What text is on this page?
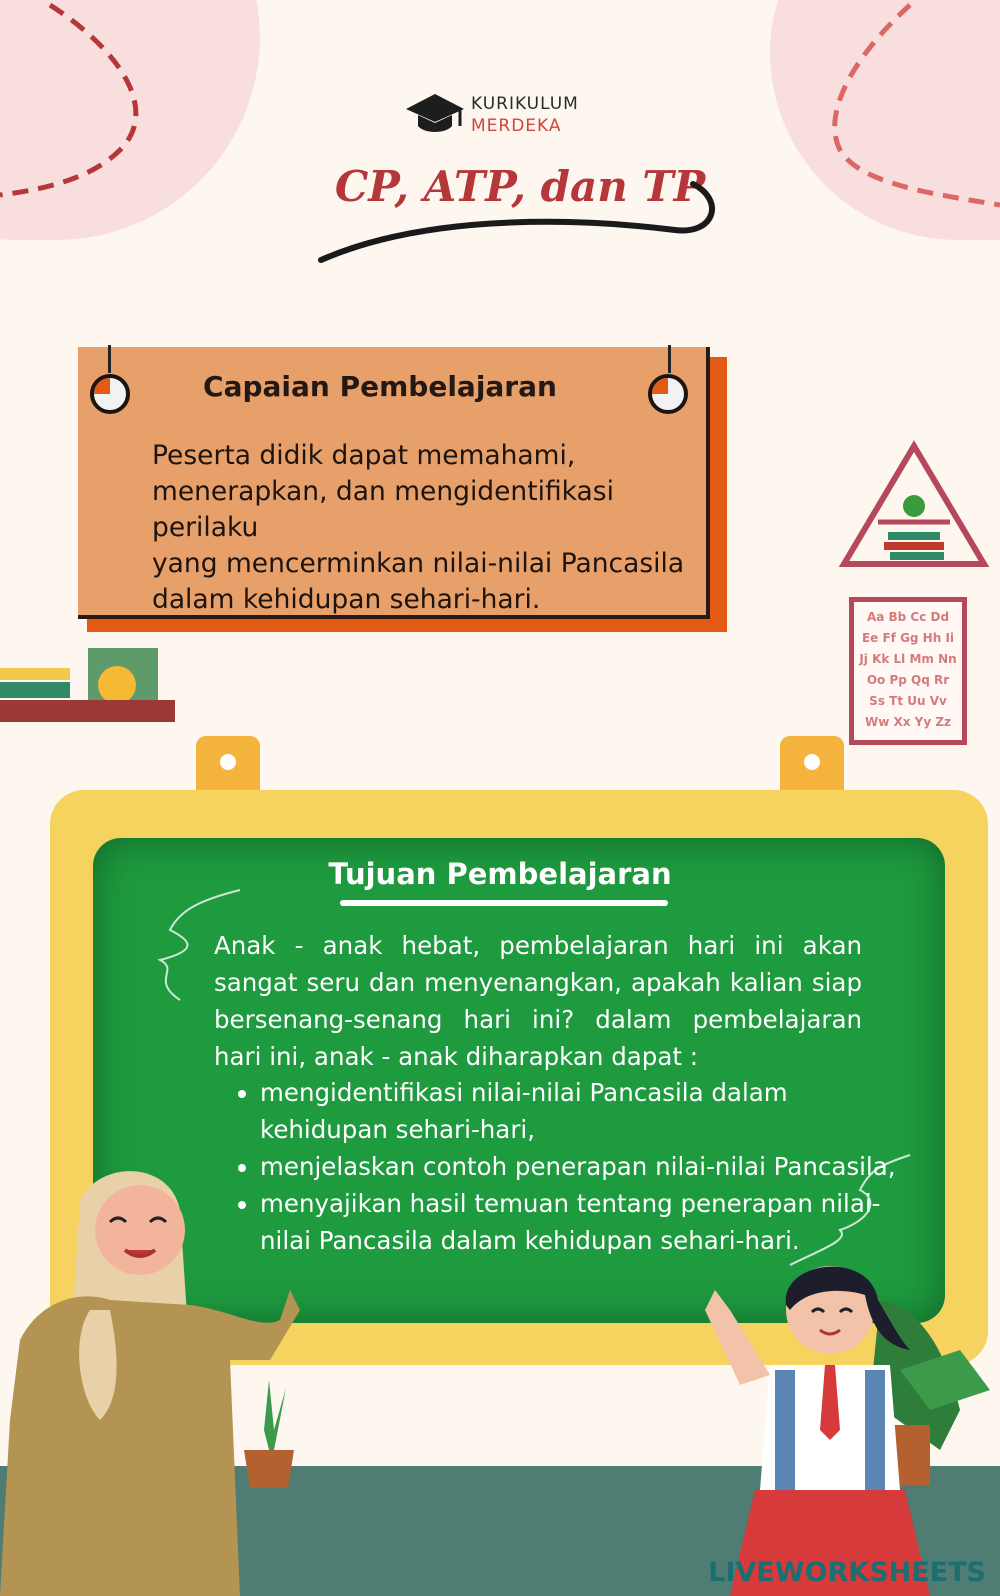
KURIKULUM
MERDEKA
CP, ATP, dan TP
Capaian Pembelajaran
Peserta didik dapat memahami,
menerapkan, dan mengidentifikasi perilaku
yang mencerminkan nilai-nilai Pancasila
dalam kehidupan sehari-hari.
Aa Bb Cc Dd
Ee Ff Gg Hh Ii
Jj Kk Ll Mm Nn
Oo Pp Qq Rr
Ss Tt Uu Vv
Ww Xx Yy Zz
Tujuan Pembelajaran
Anak - anak hebat, pembelajaran hari ini akan sangat seru dan menyenangkan, apakah kalian siap bersenang-senang hari ini? dalam pembelajaran hari ini, anak - anak diharapkan dapat :
• mengidentifikasi nilai-nilai Pancasila dalam kehidupan sehari-hari,
• menjelaskan contoh penerapan nilai-nilai Pancasila,
• menyajikan hasil temuan tentang penerapan nilai-nilai Pancasila dalam kehidupan sehari-hari.
LIVEWORKSHEETS
